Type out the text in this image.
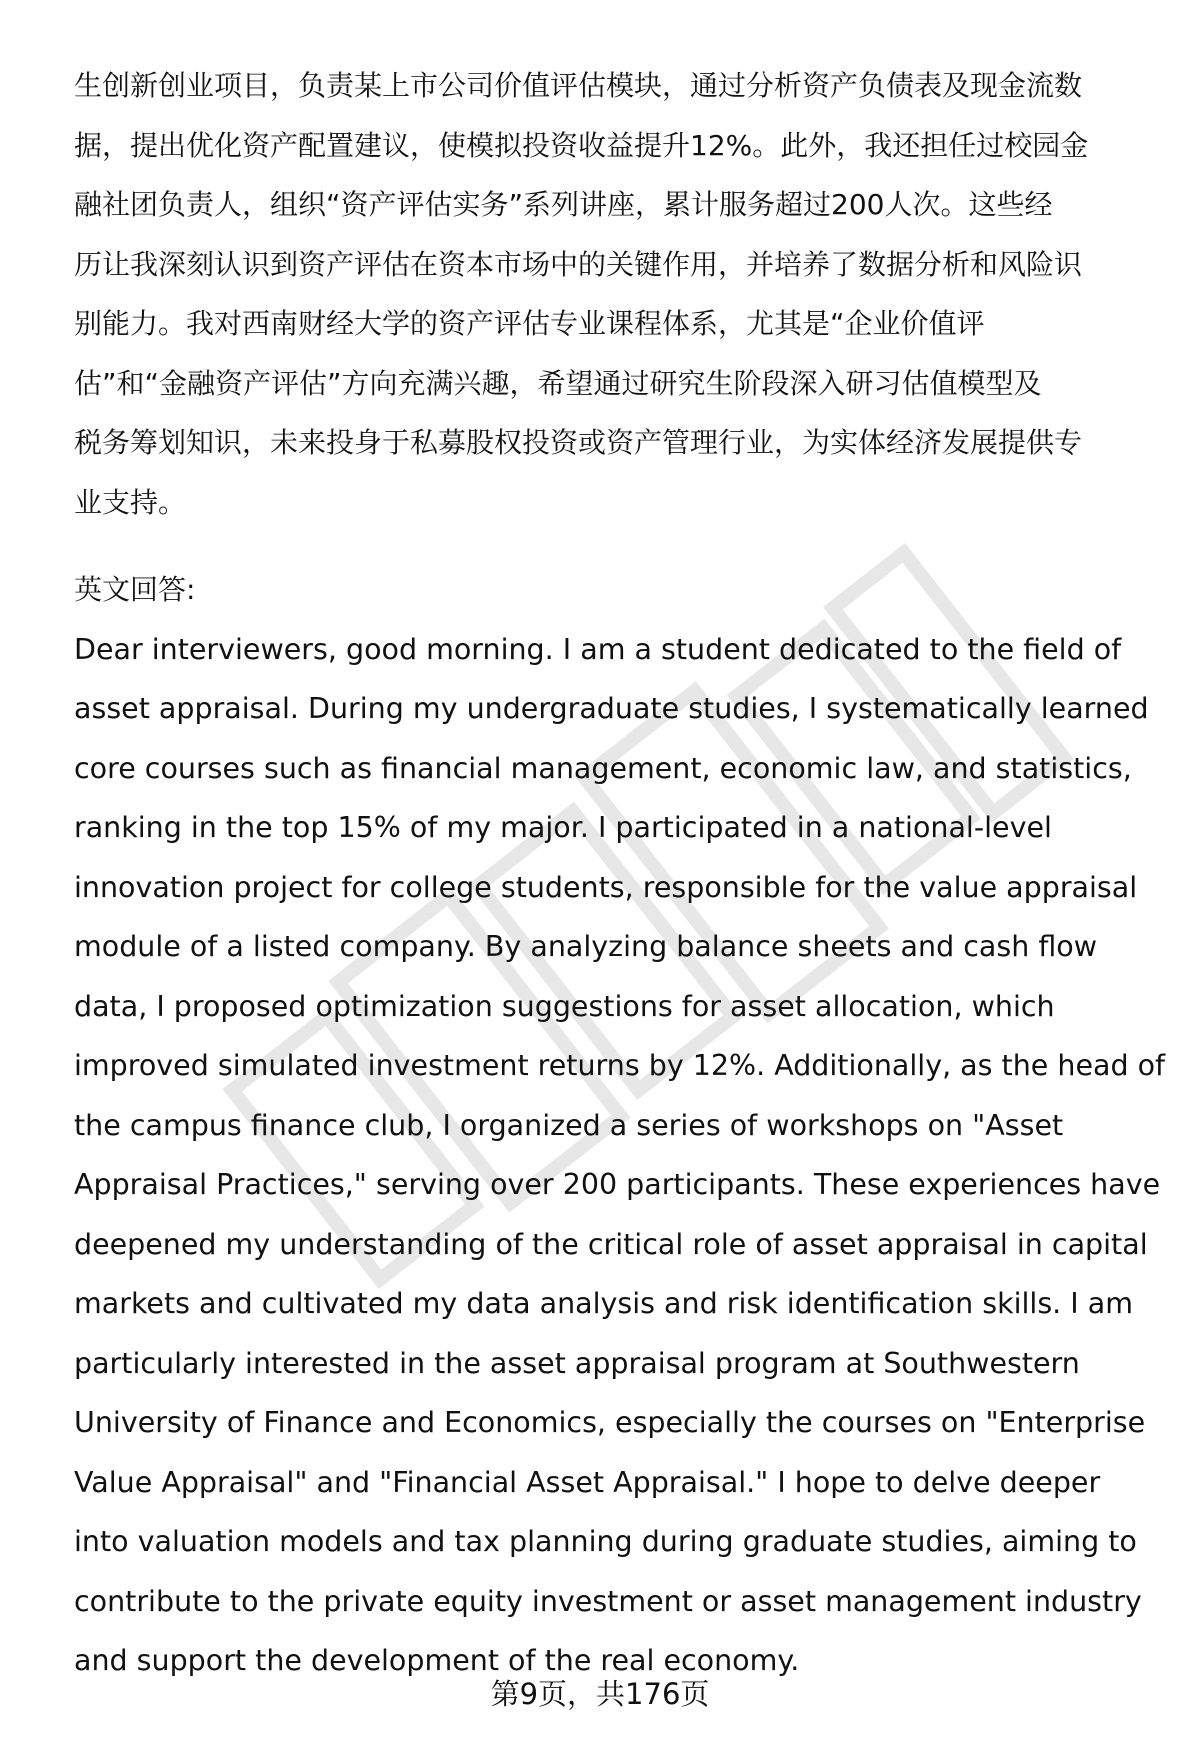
生创新创业项目，负责某上市公司价值评估模块，通过分析资产负债表及现金流数
据，提出优化资产配置建议，使模拟投资收益提升12%。此外，我还担任过校园金
融社团负责人，组织“资产评估实务”系列讲座，累计服务超过200人次。这些经
历让我深刻认识到资产评估在资本市场中的关键作用，并培养了数据分析和风险识
别能力。我对西南财经大学的资产评估专业课程体系，尤其是“企业价值评
估”和“金融资产评估”方向充满兴趣，希望通过研究生阶段深入研习估值模型及
税务筹划知识，未来投身于私募股权投资或资产管理行业，为实体经济发展提供专
业支持。
英文回答:
Dear interviewers, good morning. I am a student dedicated to the field of
asset appraisal. During my undergraduate studies, I systematically learned
core courses such as financial management, economic law, and statistics,
ranking in the top 15% of my major. I participated in a national-level
innovation project for college students, responsible for the value appraisal
module of a listed company. By analyzing balance sheets and cash flow
data, I proposed optimization suggestions for asset allocation, which
improved simulated investment returns by 12%. Additionally, as the head of
the campus finance club, I organized a series of workshops on "Asset
Appraisal Practices," serving over 200 participants. These experiences have
deepened my understanding of the critical role of asset appraisal in capital
markets and cultivated my data analysis and risk identification skills. I am
particularly interested in the asset appraisal program at Southwestern
University of Finance and Economics, especially the courses on "Enterprise
Value Appraisal" and "Financial Asset Appraisal." I hope to delve deeper
into valuation models and tax planning during graduate studies, aiming to
contribute to the private equity investment or asset management industry
and support the development of the real economy.
第9页，共176页
